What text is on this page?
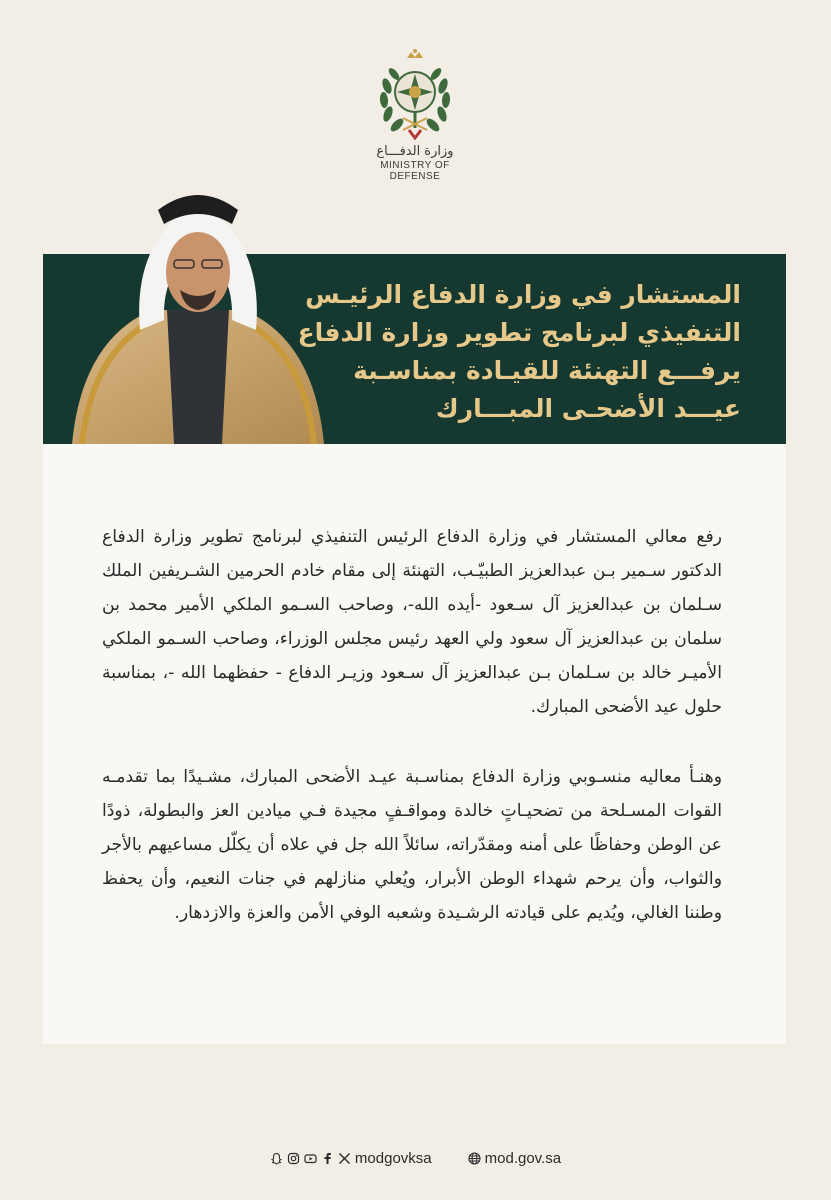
وزارة الدفـــاع
MINISTRY OF DEFENSE
المستشار في وزارة الدفاع الرئيـس
التنفيذي لبرنامج تطوير وزارة الدفاع
يرفـــع التهنئة للقيـادة بمناسـبة
عيـــد الأضحـى المبـــارك

رفع معالي المستشار في وزارة الدفاع الرئيس التنفيذي لبرنامج تطوير وزارة الدفاع الدكتور سـمير بـن عبدالعزيز الطبيّـب، التهنئة إلى مقام خادم الحرمين الشـريفين الملك سـلمان بن عبدالعزيز آل سـعود -أيده الله-، وصاحب السـمو الملكي الأمير محمد بن سلمان بن عبدالعزيز آل سعود ولي العهد رئيس مجلس الوزراء، وصاحب السـمو الملكي الأميـر خالد بن سـلمان بـن عبدالعزيز آل سـعود وزيـر الدفاع - حفظهما الله -، بمناسبة حلول عيد الأضحى المبارك.

وهنـأ معاليه منسـوبي وزارة الدفاع بمناسـبة عيـد الأضحى المبارك، مشـيدًا بما تقدمـه القوات المسـلحة من تضحيـاتٍ خالدة ومواقـفٍ مجيدة فـي ميادين العز والبطولة، ذودًا عن الوطن وحفاظًا على أمنه ومقدّراته، سائلاً الله جل في علاه أن يكلّل مساعيهم بالأجر والثواب، وأن يرحم شهداء الوطن الأبرار، ويُعلي منازلهم في جنات النعيم، وأن يحفظ وطننا الغالي، ويُديم على قيادته الرشـيدة وشعبه الوفي الأمن والعزة والازدهار.

modgovksa	mod.gov.sa
